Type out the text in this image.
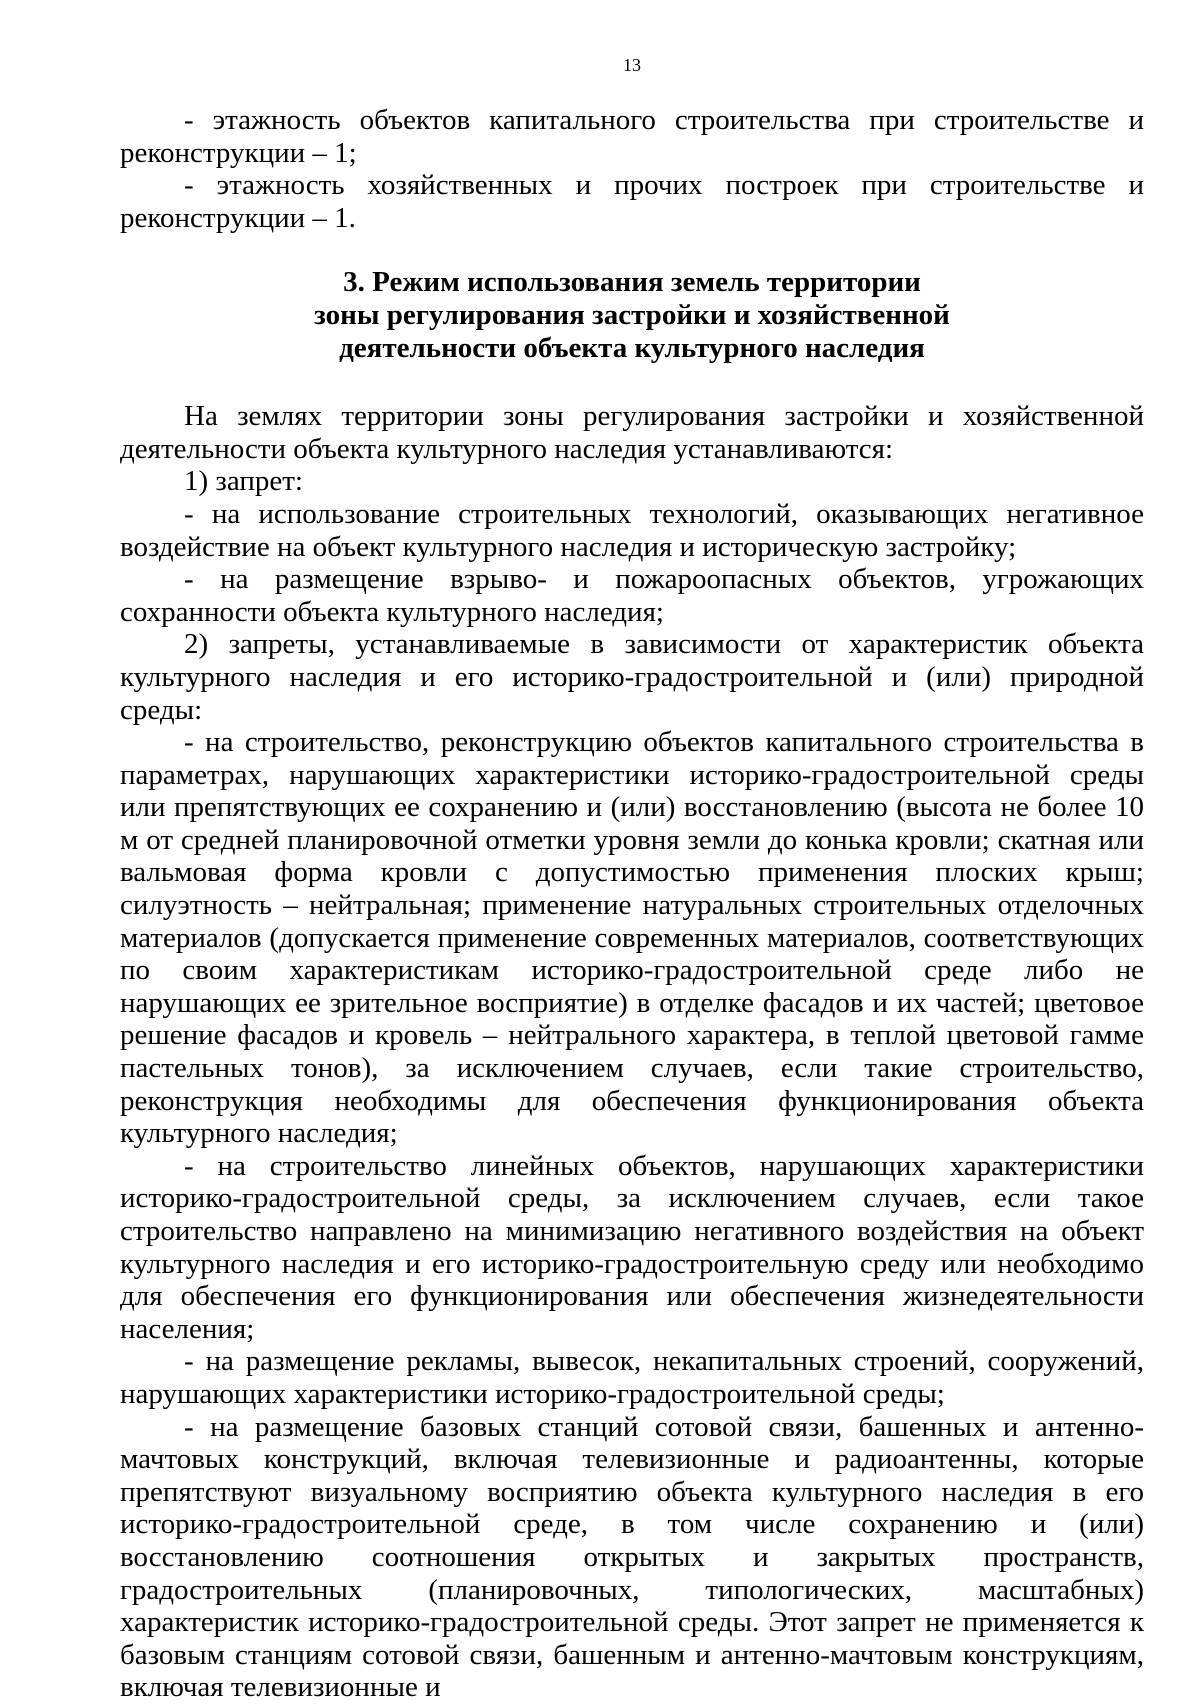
13

- этажность объектов капитального строительства при строительстве и реконструкции – 1;

- этажность хозяйственных и прочих построек при строительстве и реконструкции – 1.

3. Режим использования земель территории
зоны регулирования застройки и хозяйственной
деятельности объекта культурного наследия

На землях территории зоны регулирования застройки и хозяйственной деятельности объекта культурного наследия устанавливаются:

1) запрет:

- на использование строительных технологий, оказывающих негативное воздействие на объект культурного наследия и историческую застройку;

- на размещение взрыво- и пожароопасных объектов, угрожающих сохранности объекта культурного наследия;

2) запреты, устанавливаемые в зависимости от характеристик объекта культурного наследия и его историко-градостроительной и (или) природной среды:

- на строительство, реконструкцию объектов капитального строительства в параметрах, нарушающих характеристики историко-градостроительной среды или препятствующих ее сохранению и (или) восстановлению (высота не более 10 м от средней планировочной отметки уровня земли до конька кровли; скатная или вальмовая форма кровли с допустимостью применения плоских крыш; силуэтность – нейтральная; применение натуральных строительных отделочных материалов (допускается применение современных материалов, соответствующих по своим характеристикам историко-градостроительной среде либо не нарушающих ее зрительное восприятие) в отделке фасадов и их частей; цветовое решение фасадов и кровель – нейтрального характера, в теплой цветовой гамме пастельных тонов), за исключением случаев, если такие строительство, реконструкция необходимы для обеспечения функционирования объекта культурного наследия;

- на строительство линейных объектов, нарушающих характеристики историко-градостроительной среды, за исключением случаев, если такое строительство направлено на минимизацию негативного воздействия на объект культурного наследия и его историко-градостроительную среду или необходимо для обеспечения его функционирования или обеспечения жизнедеятельности населения;

- на размещение рекламы, вывесок, некапитальных строений, сооружений, нарушающих характеристики историко-градостроительной среды;

- на размещение базовых станций сотовой связи, башенных и антенно-мачтовых конструкций, включая телевизионные и радиоантенны, которые препятствуют визуальному восприятию объекта культурного наследия в его историко-градостроительной среде, в том числе сохранению и (или) восстановлению соотношения открытых и закрытых пространств, градостроительных (планировочных, типологических, масштабных) характеристик историко-градостроительной среды. Этот запрет не применяется к базовым станциям сотовой связи, башенным и антенно-мачтовым конструкциям, включая телевизионные и
